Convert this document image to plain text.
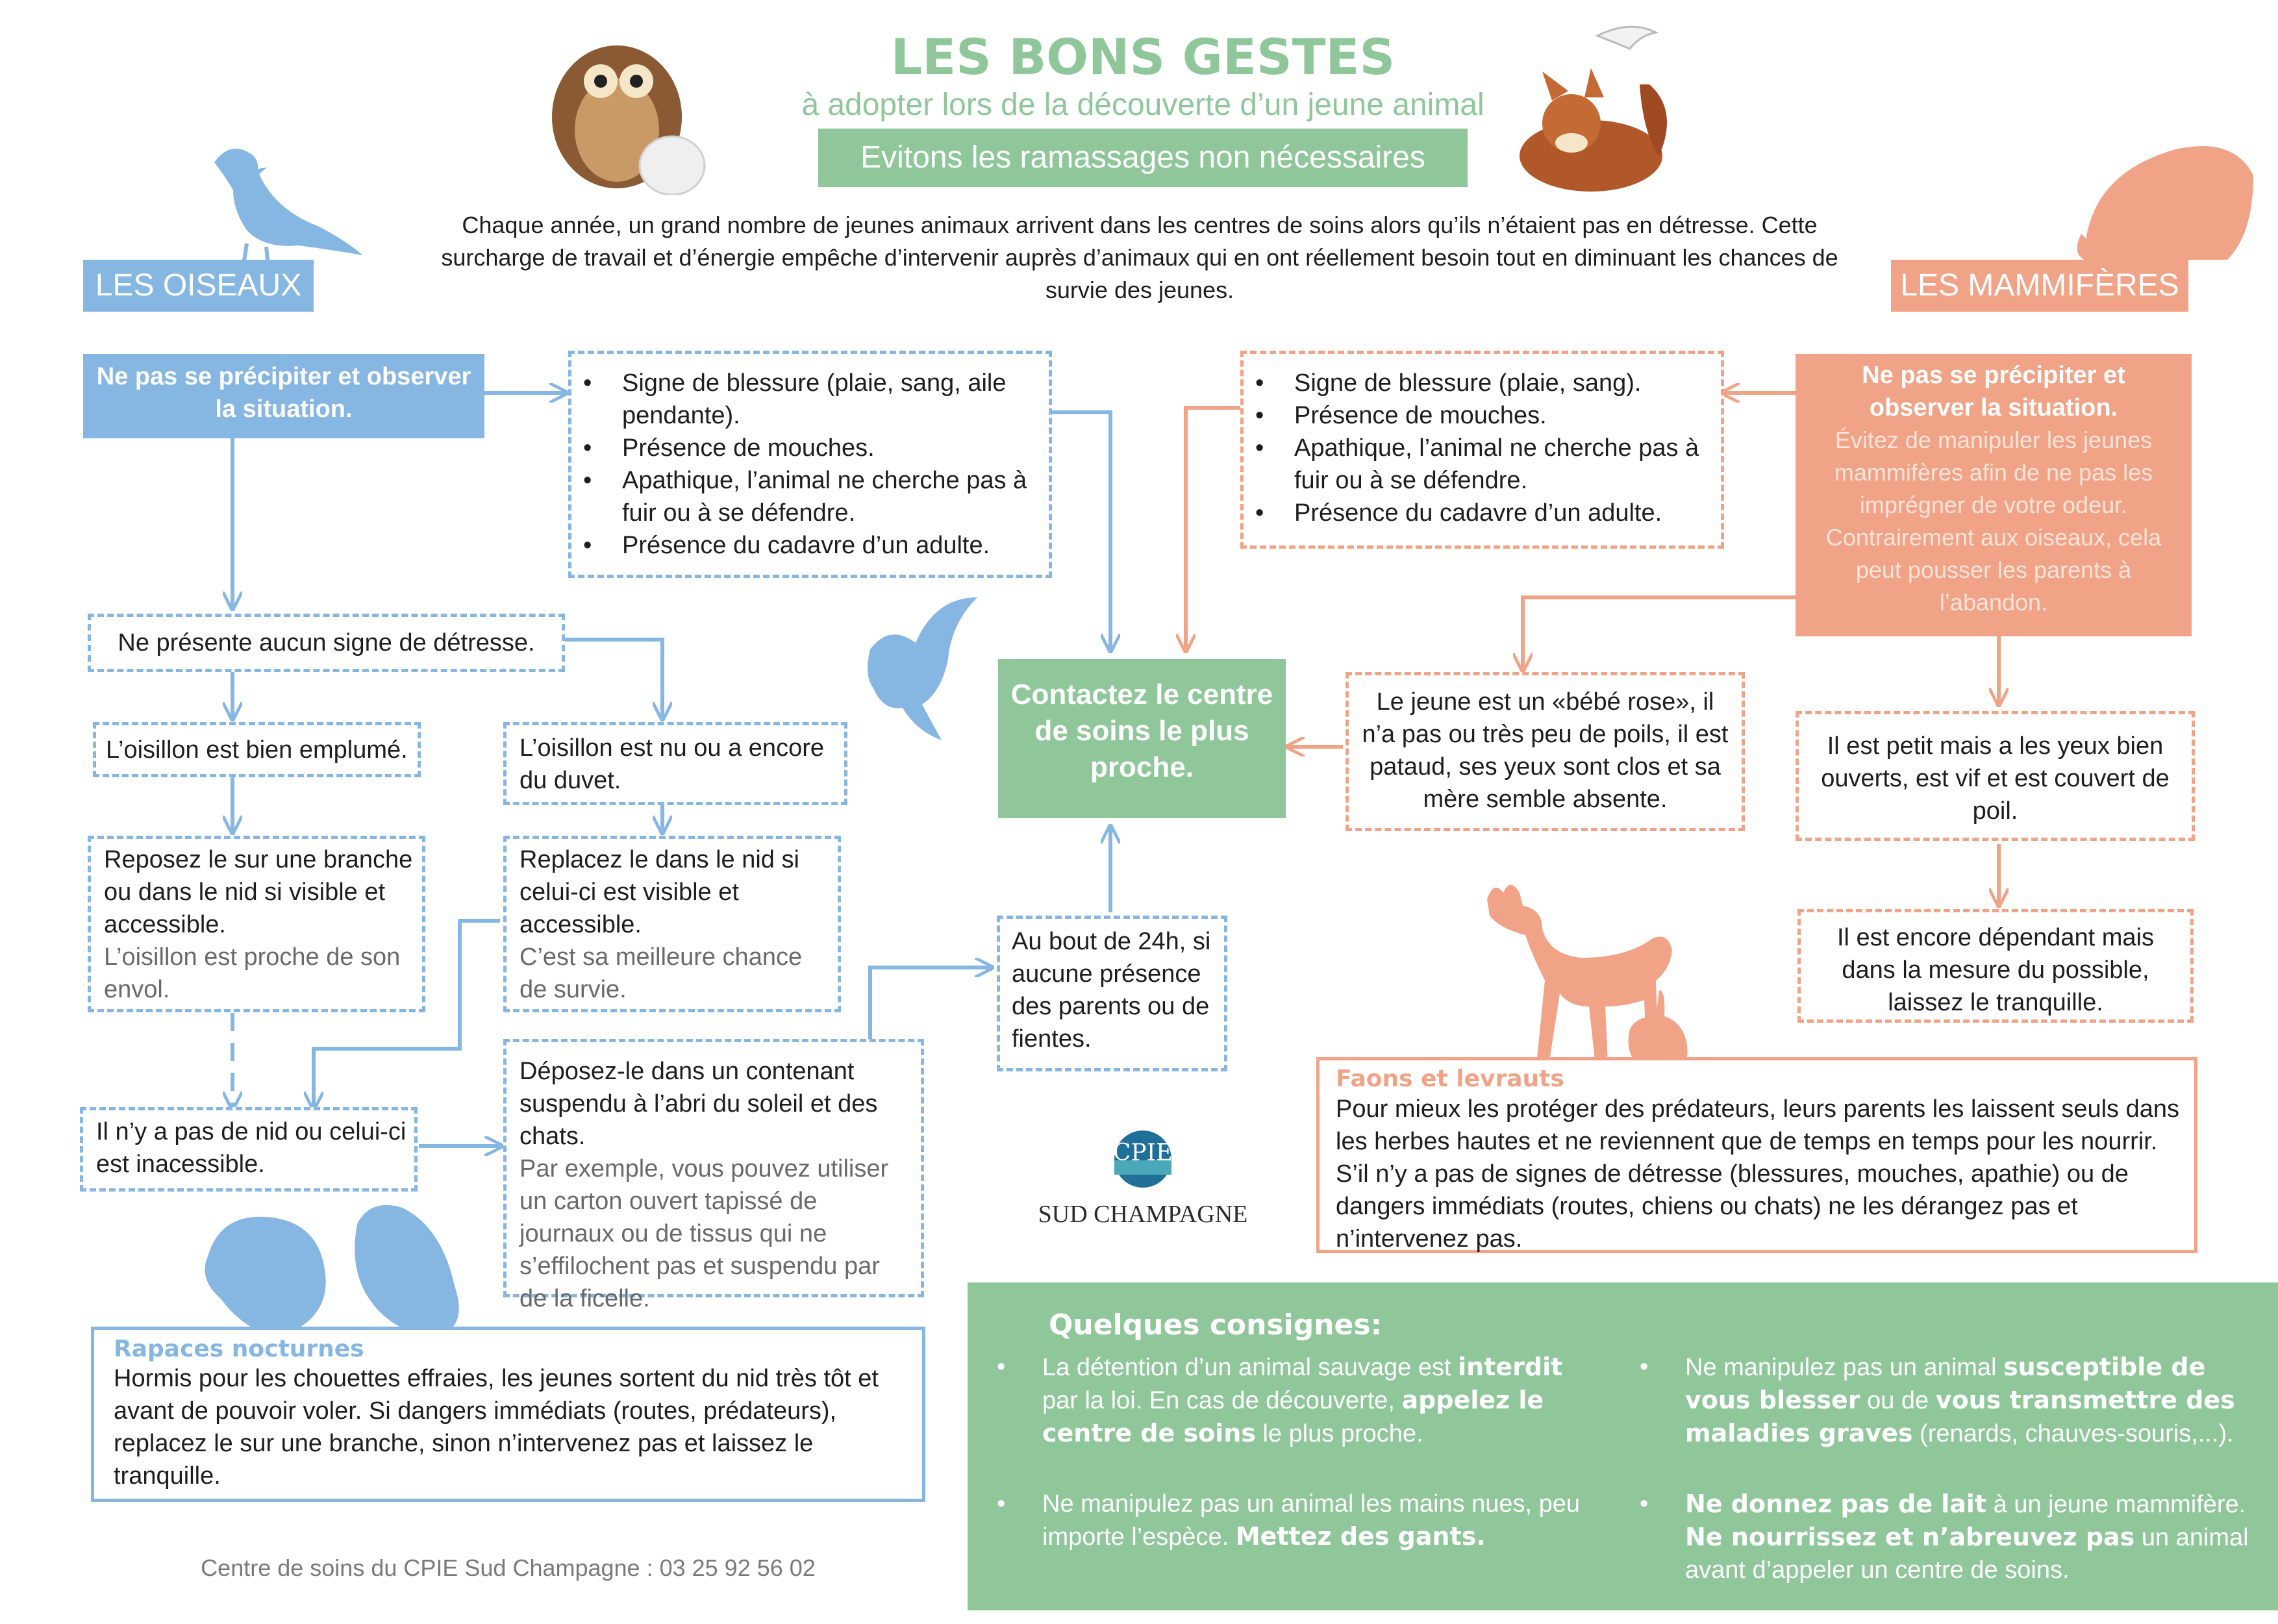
LES BONS GESTES
à adopter lors de la découverte d’un jeune animal
Evitons les ramassages non nécessaires
Chaque année, un grand nombre de jeunes animaux arrivent dans les centres de soins alors qu’ils n’étaient pas en détresse. Cette surcharge de travail et d’énergie empêche d’intervenir auprès d’animaux qui en ont réellement besoin tout en diminuant les chances de survie des jeunes.
LES OISEAUX	LES MAMMIFÈRES
Ne pas se précipiter et observer la situation.
• Signe de blessure (plaie, sang, aile pendante).
• Présence de mouches.
• Apathique, l’animal ne cherche pas à fuir ou à se défendre.
• Présence du cadavre d’un adulte.
Ne présente aucun signe de détresse.
L’oisillon est bien emplumé.	L’oisillon est nu ou a encore du duvet.
Reposez le sur une branche ou dans le nid si visible et accessible.
L’oisillon est proche de son envol.
Replacez le dans le nid si celui-ci est visible et accessible.
C’est sa meilleure chance de survie.
Il n’y a pas de nid ou celui-ci est inacessible.
Déposez-le dans un contenant suspendu à l’abri du soleil et des chats.
Par exemple, vous pouvez utiliser un carton ouvert tapissé de journaux ou de tissus qui ne s’effilochent pas et suspendu par de la ficelle.
Au bout de 24h, si aucune présence des parents ou de fientes.
Rapaces nocturnes
Hormis pour les chouettes effraies, les jeunes sortent du nid très tôt et avant de pouvoir voler. Si dangers immédiats (routes, prédateurs), replacez le sur une branche, sinon n’intervenez pas et laissez le tranquille.
Contactez le centre de soins le plus proche.
CPIE
SUD CHAMPAGNE
Ne pas se précipiter et observer la situation.
Évitez de manipuler les jeunes mammifères afin de ne pas les imprégner de votre odeur. Contrairement aux oiseaux, cela peut pousser les parents à l’abandon.
• Signe de blessure (plaie, sang).
• Présence de mouches.
• Apathique, l’animal ne cherche pas à fuir ou à se défendre.
• Présence du cadavre d’un adulte.
Le jeune est un «bébé rose», il n’a pas ou très peu de poils, il est pataud, ses yeux sont clos et sa mère semble absente.
Il est petit mais a les yeux bien ouverts, est vif et est couvert de poil.
Il est encore dépendant mais dans la mesure du possible, laissez le tranquille.
Faons et levrauts
Pour mieux les protéger des prédateurs, leurs parents les laissent seuls dans les herbes hautes et ne reviennent que de temps en temps pour les nourrir. S’il n’y a pas de signes de détresse (blessures, mouches, apathie) ou de dangers immédiats (routes, chiens ou chats) ne les dérangez pas et n’intervenez pas.
Quelques consignes:

• La détention d’un animal sauvage est interdit par la loi. En cas de découverte, appelez le centre de soins le plus proche.

• Ne manipulez pas un animal les mains nues, peu importe l’espèce. Mettez des gants.

• Ne manipulez pas un animal susceptible de vous blesser ou de vous transmettre des maladies graves (renards, chauves-souris,...).

• Ne donnez pas de lait à un jeune mammifère. Ne nourrissez et n’abreuvez pas un animal avant d’appeler un centre de soins.

Centre de soins du CPIE Sud Champagne : 03 25 92 56 02
